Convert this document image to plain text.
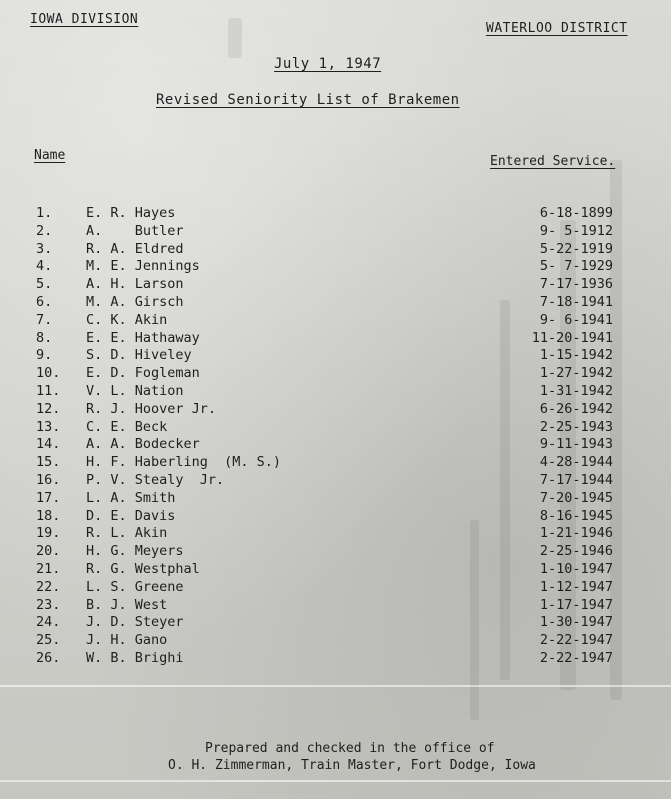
IOWA DIVISION
WATERLOO DISTRICT
July 1, 1947
Revised Seniority List of Brakemen
Name	Entered Service.
1.	E. R. Hayes	6-18-1899
2.	A.    Butler	9- 5-1912
3.	R. A. Eldred	5-22-1919
4.	M. E. Jennings	5- 7-1929
5.	A. H. Larson	7-17-1936
6.	M. A. Girsch	7-18-1941
7.	C. K. Akin	9- 6-1941
8.	E. E. Hathaway	11-20-1941
9.	S. D. Hiveley	1-15-1942
10.	E. D. Fogleman	1-27-1942
11.	V. L. Nation	1-31-1942
12.	R. J. Hoover Jr.	6-26-1942
13.	C. E. Beck	2-25-1943
14.	A. A. Bodecker	9-11-1943
15.	H. F. Haberling  (M. S.)	4-28-1944
16.	P. V. Stealy  Jr.	7-17-1944
17.	L. A. Smith	7-20-1945
18.	D. E. Davis	8-16-1945
19.	R. L. Akin	1-21-1946
20.	H. G. Meyers	2-25-1946
21.	R. G. Westphal	1-10-1947
22.	L. S. Greene	1-12-1947
23.	B. J. West	1-17-1947
24.	J. D. Steyer	1-30-1947
25.	J. H. Gano	2-22-1947
26.	W. B. Brighi	2-22-1947
Prepared and checked in the office of
O. H. Zimmerman, Train Master, Fort Dodge, Iowa
